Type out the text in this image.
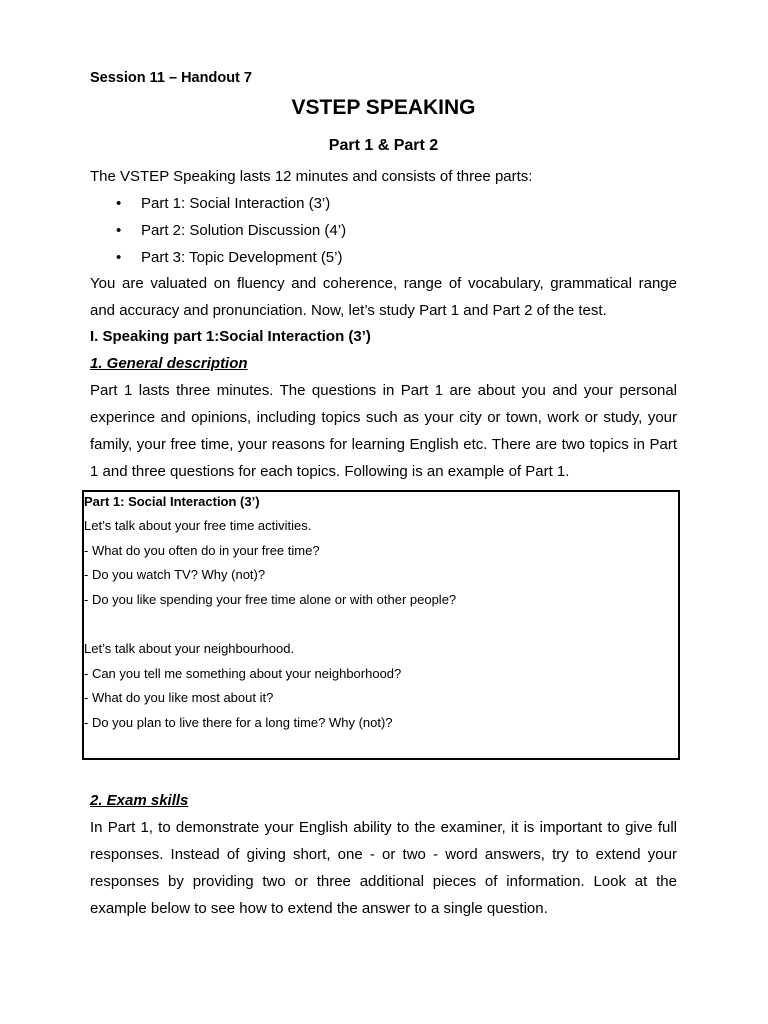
Session 11 – Handout 7
VSTEP SPEAKING
Part 1 & Part 2
The VSTEP Speaking lasts 12 minutes and consists of three parts:
• Part 1: Social Interaction (3’)
• Part 2: Solution Discussion (4’)
• Part 3: Topic Development (5’)
You are valuated on fluency and coherence, range of vocabulary, grammatical range and accuracy and pronunciation. Now, let’s study Part 1 and Part 2 of the test.
I. Speaking part 1:Social Interaction (3’)
1. General description
Part 1 lasts three minutes. The questions in Part 1 are about you and your personal experince and opinions, including topics such as your city or town, work or study, your family, your free time, your reasons for learning English etc. There are two topics in Part 1 and three questions for each topics. Following is an example of Part 1.
Part 1: Social Interaction (3’)
Let’s talk about your free time activities.
- What do you often do in your free time?
- Do you watch TV? Why (not)?
- Do you like spending your free time alone or with other people?
Let’s talk about your neighbourhood.
- Can you tell me something about your neighborhood?
- What do you like most about it?
- Do you plan to live there for a long time? Why (not)?
2. Exam skills
In Part 1, to demonstrate your English ability to the examiner, it is important to give full responses. Instead of giving short, one - or two - word answers, try to extend your responses by providing two or three additional pieces of information. Look at the example below to see how to extend the answer to a single question.
